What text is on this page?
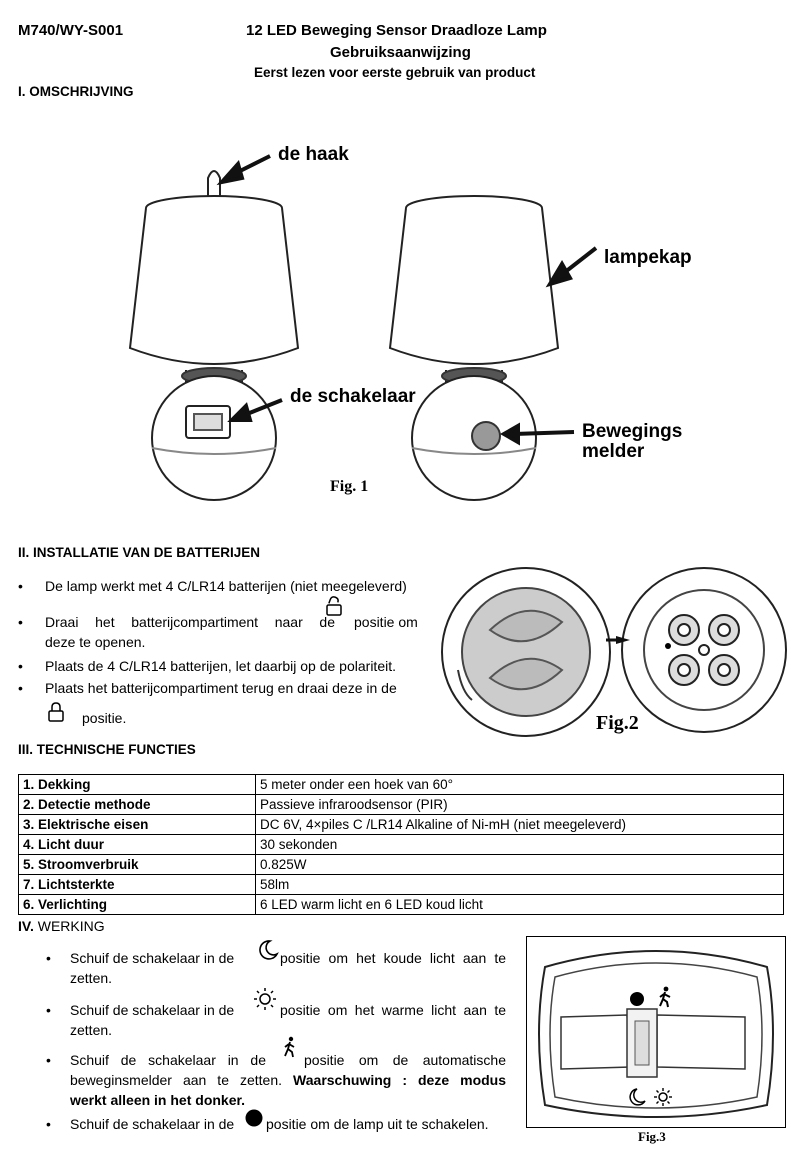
M740/WY-S001	12 LED Beweging Sensor Draadloze Lamp
Gebruiksaanwijzing
Eerst lezen voor eerste gebruik van product
I. OMSCHRIJVING
de haak
lampekap
de schakelaar
Bewegings
melder
Fig. 1
II. INSTALLATIE VAN DE BATTERIJEN
• De lamp werkt met 4 C/LR14 batterijen (niet meegeleverd)
• Draai het batterijcompartiment naar de positie om
deze te openen.
• Plaats de 4 C/LR14 batterijen, let daarbij op de polariteit.
• Plaats het batterijcompartiment terug en draai deze in de
positie.	Fig.2
III. TECHNISCHE FUNCTIES
1. Dekking	5 meter onder een hoek van 60°
2. Detectie methode	Passieve infraroodsensor (PIR)
3. Elektrische eisen	DC 6V, 4×piles C /LR14 Alkaline of Ni-mH (niet meegeleverd)
4. Licht duur	30 sekonden
5. Stroomverbruik	0.825W
7. Lichtsterkte	58lm
6. Verlichting	6 LED warm licht en 6 LED koud licht
IV. WERKING
• Schuif de schakelaar in de	positie om het koude licht aan te
zetten.
• Schuif de schakelaar in de	positie om het warme licht aan te
zetten.
• Schuif de schakelaar in de	positie om de automatische
beweginsmelder aan te zetten. Waarschuwing : deze modus
werkt alleen in het donker.
• Schuif de schakelaar in de positie om de lamp uit te schakelen.
Fig.3
